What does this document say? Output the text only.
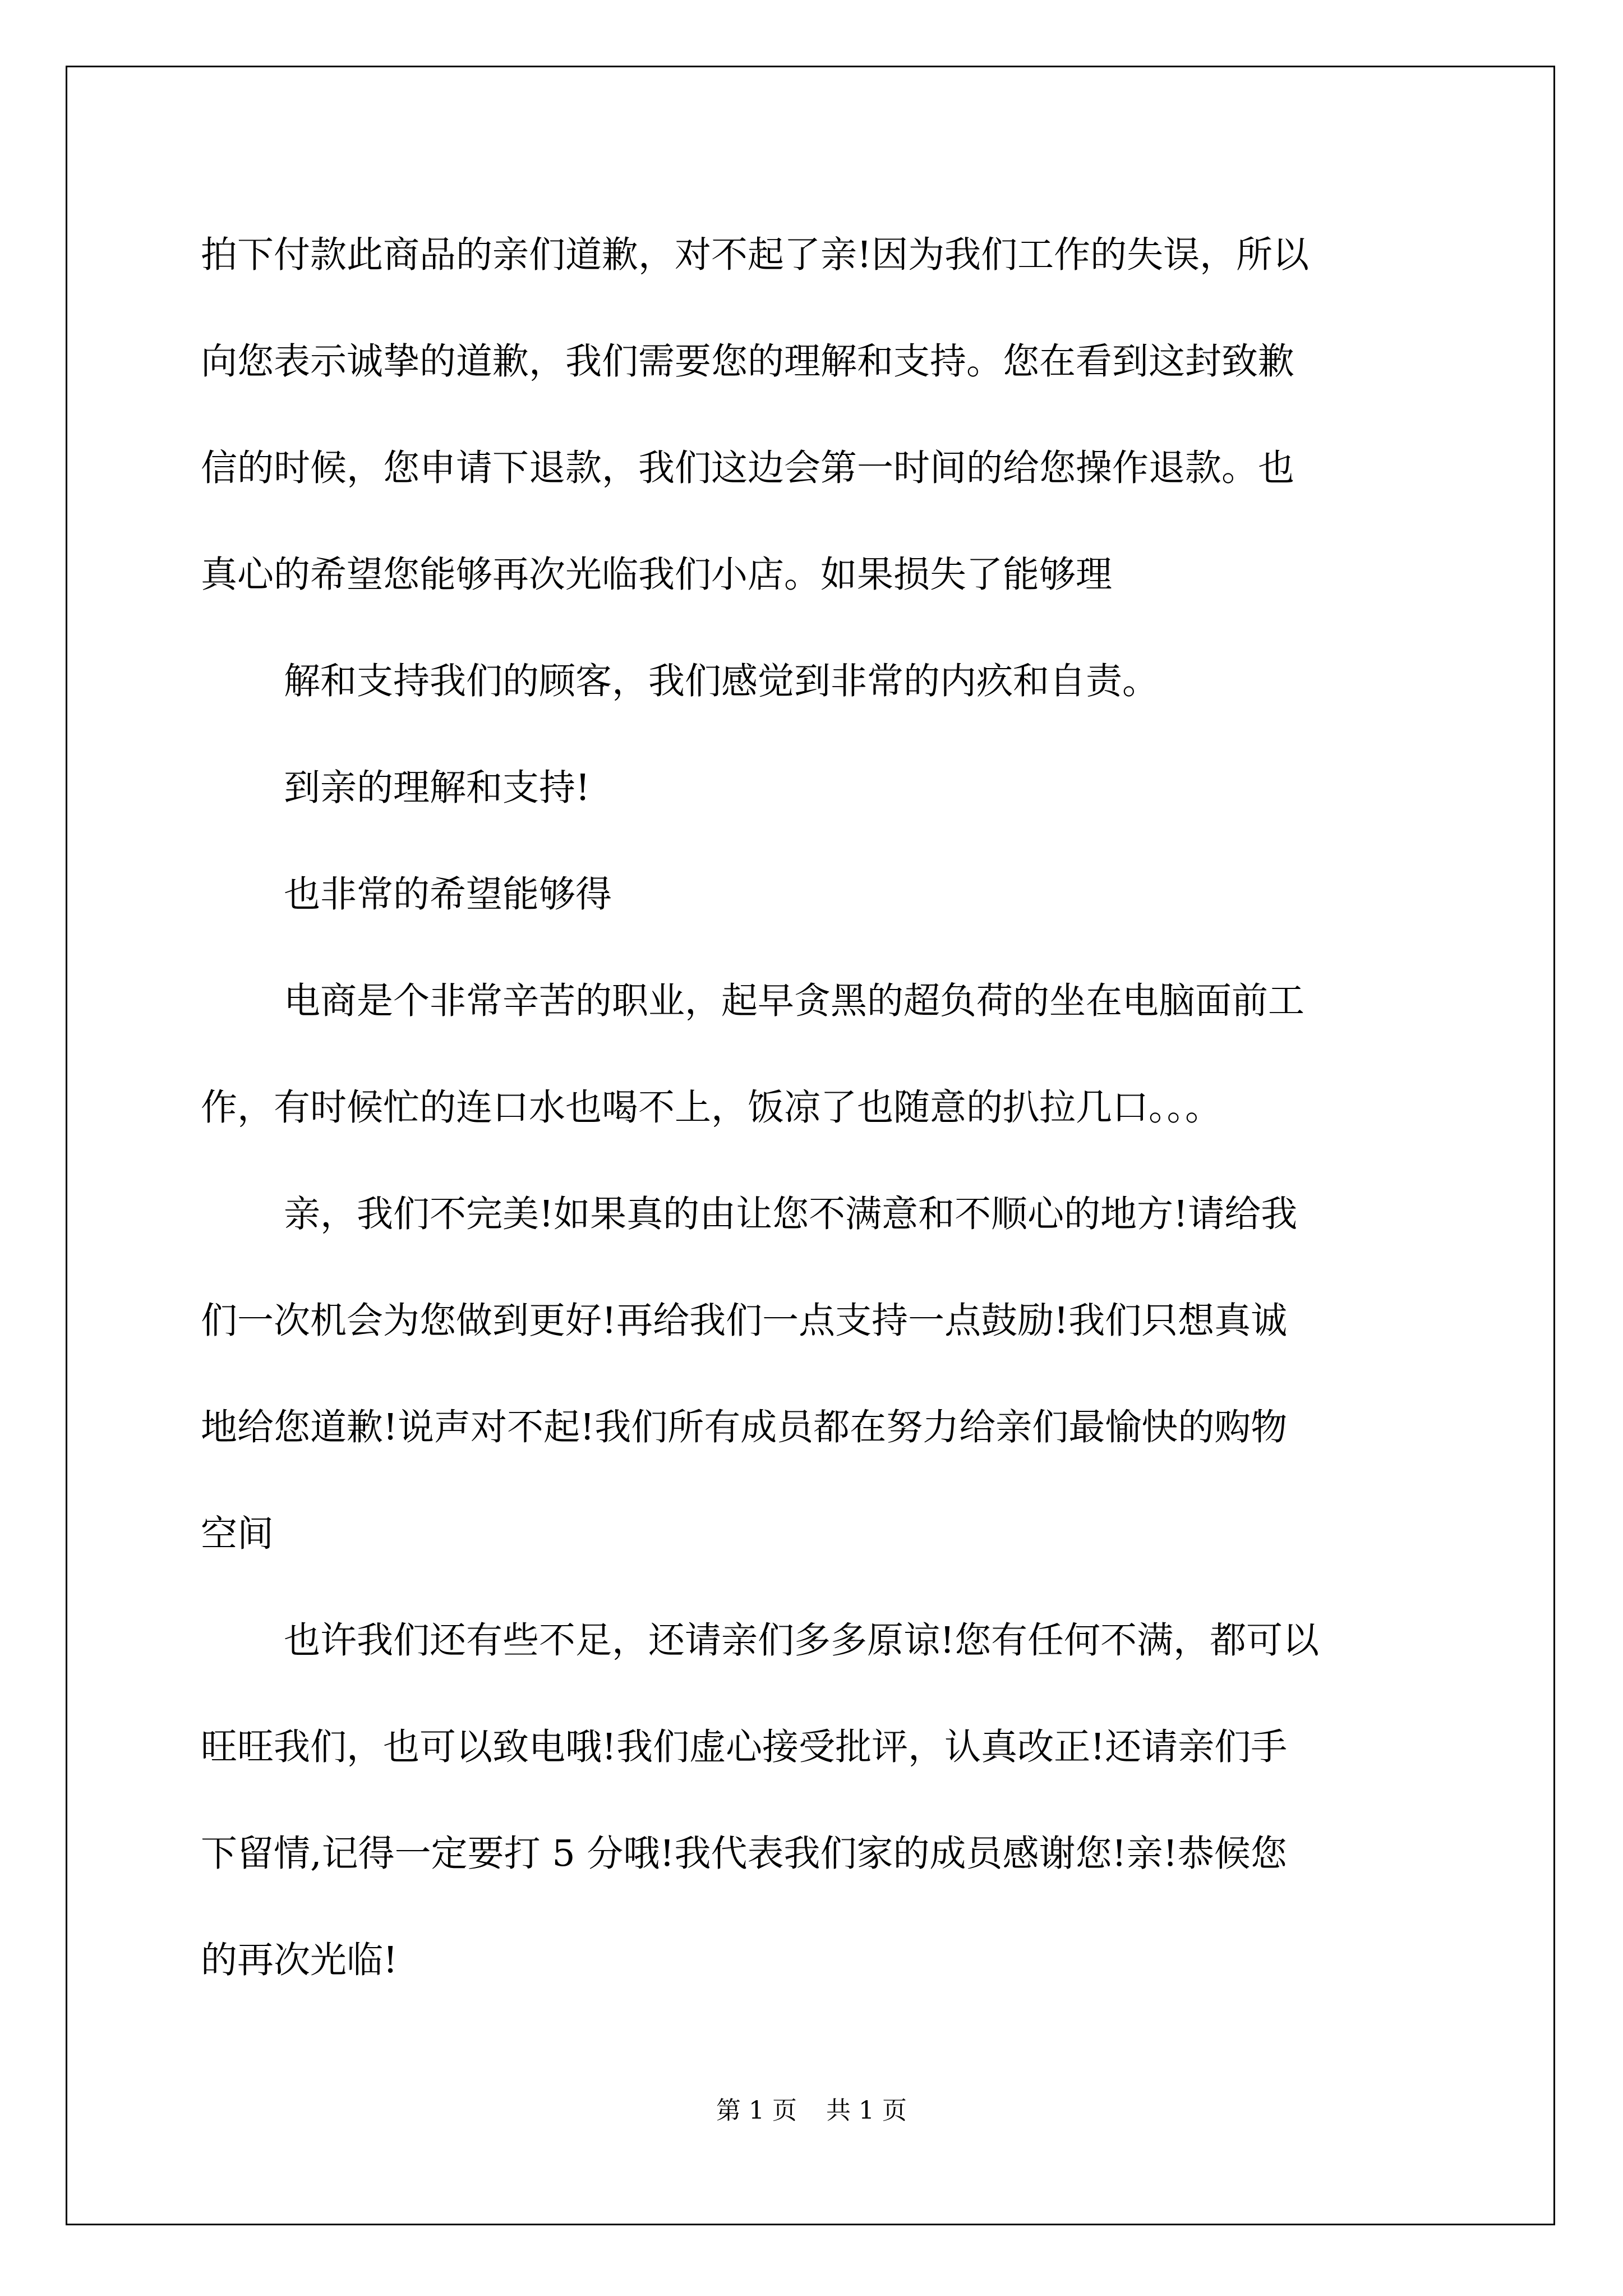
拍下付款此商品的亲们道歉，对不起了亲!因为我们工作的失误，所以
向您表示诚挚的道歉，我们需要您的理解和支持。您在看到这封致歉
信的时候，您申请下退款，我们这边会第一时间的给您操作退款。也
真心的希望您能够再次光临我们小店。如果损失了能够理
解和支持我们的顾客，我们感觉到非常的内疚和自责。
到亲的理解和支持!
也非常的希望能够得
电商是个非常辛苦的职业，起早贪黑的超负荷的坐在电脑面前工
作，有时候忙的连口水也喝不上，饭凉了也随意的扒拉几口。。。
亲，我们不完美!如果真的由让您不满意和不顺心的地方!请给我
们一次机会为您做到更好!再给我们一点支持一点鼓励!我们只想真诚
地给您道歉!说声对不起!我们所有成员都在努力给亲们最愉快的购物
空间
也许我们还有些不足，还请亲们多多原谅!您有任何不满，都可以
旺旺我们，也可以致电哦!我们虚心接受批评，认真改正!还请亲们手
下留情,记得一定要打 5 分哦!我代表我们家的成员感谢您!亲!恭候您
的再次光临!
第 1 页 共 1 页
